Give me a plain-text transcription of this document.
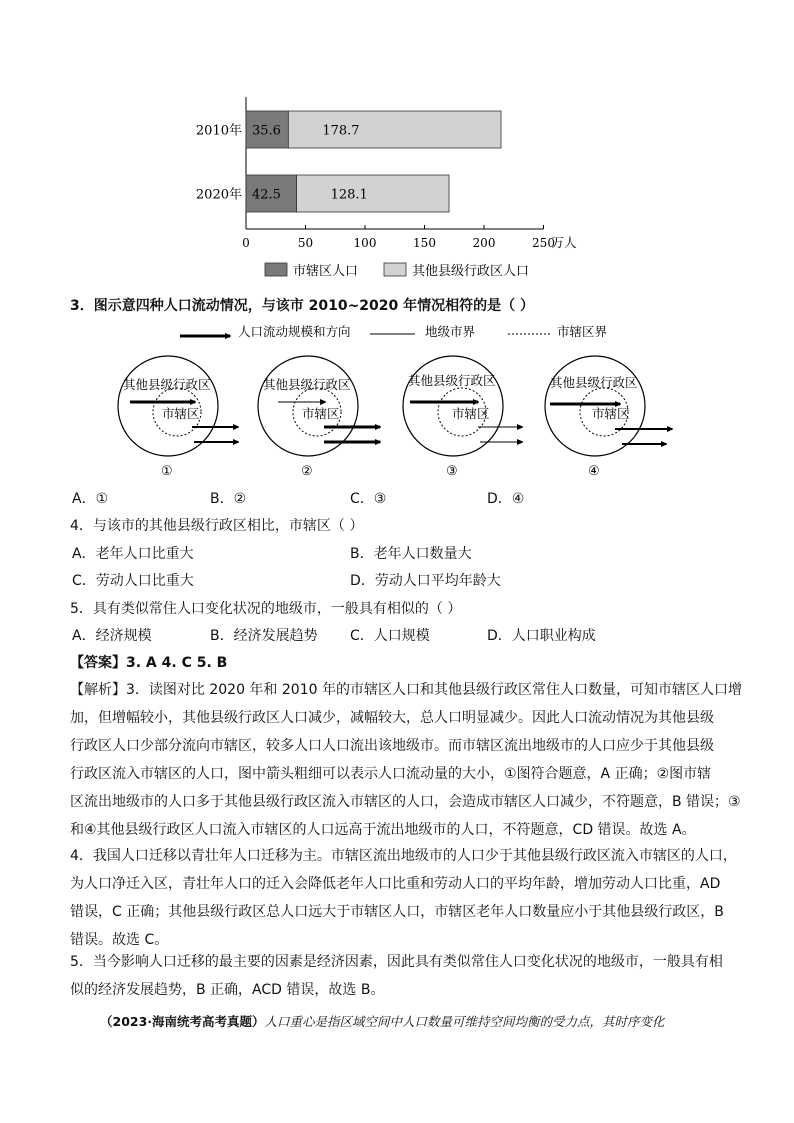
0	50	100	150	200	250
万人
2010年 35.6	178.7
2020年 42.5	128.1
市辖区人口	其他县级行政区人口
3．图示意四种人口流动情况，与该市 2010~2020 年情况相符的是（ ）
人口流动规模和方向	地级市界	市辖区界
其他县级行政区
市辖区
①
其他县级行政区
市辖区
②
其他县级行政区
市辖区
③
其他县级行政区
市辖区
④
A．①	B．②	C．③	D．④
4．与该市的其他县级行政区相比，市辖区（ ）
A．老年人口比重大	B．老年人口数量大
C．劳动人口比重大	D．劳动人口平均年龄大
5．具有类似常住人口变化状况的地级市，一般具有相似的（ ）
A．经济规模	B．经济发展趋势 C．人口规模	D．人口职业构成
【答案】3. A 4. C 5. B
【解析】3．读图对比 2020 年和 2010 年的市辖区人口和其他县级行政区常住人口数量，可知市辖区人口增
加，但增幅较小，其他县级行政区人口减少，减幅较大，总人口明显减少。因此人口流动情况为其他县级
行政区人口少部分流向市辖区，较多人口人口流出该地级市。而市辖区流出地级市的人口应少于其他县级
行政区流入市辖区的人口，图中箭头粗细可以表示人口流动量的大小，①图符合题意，A 正确；②图市辖
区流出地级市的人口多于其他县级行政区流入市辖区的人口，会造成市辖区人口减少，不符题意，B 错误；③
和④其他县级行政区人口流入市辖区的人口远高于流出地级市的人口，不符题意，CD 错误。故选 A。
4．我国人口迁移以青壮年人口迁移为主。市辖区流出地级市的人口少于其他县级行政区流入市辖区的人口，
为人口净迁入区，青壮年人口的迁入会降低老年人口比重和劳动人口的平均年龄，增加劳动人口比重，AD
错误，C 正确；其他县级行政区总人口远大于市辖区人口，市辖区老年人口数量应小于其他县级行政区，B
错误。故选 C。
5．当今影响人口迁移的最主要的因素是经济因素，因此具有类似常住人口变化状况的地级市，一般具有相
似的经济发展趋势，B 正确，ACD 错误，故选 B。
（2023·海南统考高考真题）人口重心是指区域空间中人口数量可维持空间均衡的受力点，其时序变化
